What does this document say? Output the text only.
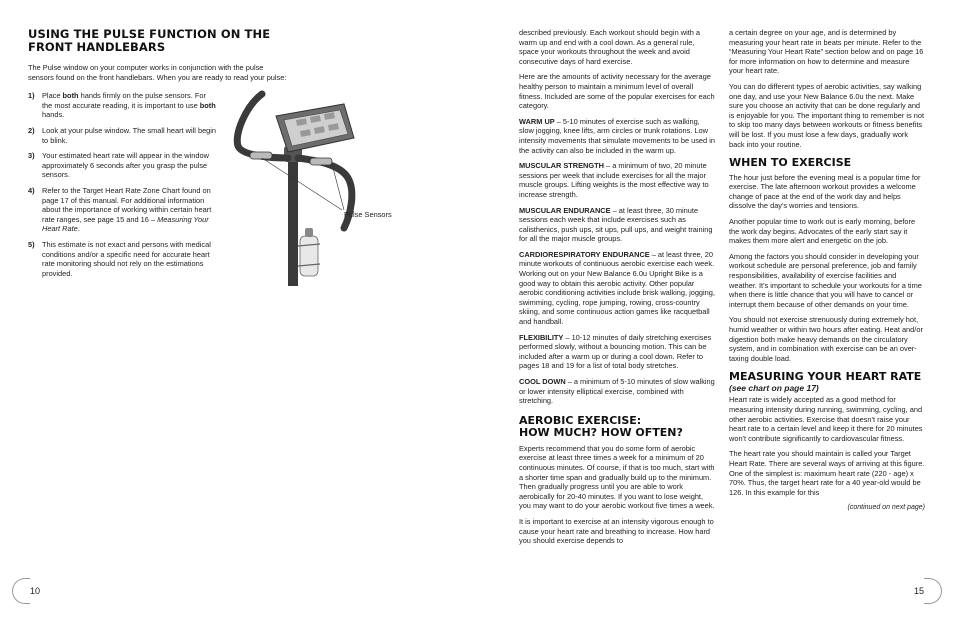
USING THE PULSE FUNCTION ON THE FRONT HANDLEBARS

The Pulse window on your computer works in conjunction with the pulse sensors found on the front handlebars. When you are ready to read your pulse:

1)	Place both hands firmly on the pulse sensors. For the most accurate reading, it is important to use both hands.
2)	Look at your pulse window. The small heart will begin to blink.
3)	Your estimated heart rate will appear in the window approximately 6 seconds after you grasp the pulse sensors.
4)	Refer to the Target Heart Rate Zone Chart found on page 17 of this manual. For additional information about the importance of working within certain heart rate ranges, see page 15 and 16 – Measuring Your Heart Rate.
5)	This estimate is not exact and persons with medical conditions and/or a specific need for accurate heart rate monitoring should not rely on the estimations provided.
Pulse Sensors
10

described previously. Each workout should begin with a warm up and end with a cool down. As a general rule, space your workouts throughout the week and avoid consecutive days of hard exercise.

Here are the amounts of activity necessary for the average healthy person to maintain a minimum level of overall fitness. Included are some of the popular exercises for each category.

WARM UP – 5-10 minutes of exercise such as walking, slow jogging, knee lifts, arm circles or trunk rotations. Low intensity movements that simulate movements to be used in the activity can also be included in the warm up.

MUSCULAR STRENGTH – a minimum of two, 20 minute sessions per week that include exercises for all the major muscle groups. Lifting weights is the most effective way to increase strength.

MUSCULAR ENDURANCE – at least three, 30 minute sessions each week that include exercises such as calisthenics, push ups, sit ups, pull ups, and weight training for all the major muscle groups.

CARDIORESPIRATORY ENDURANCE – at least three, 20 minute workouts of continuous aerobic exercise each week. Working out on your New Balance 6.0u Upright Bike is a good way to obtain this aerobic activity. Other popular aerobic conditioning activities include brisk walking, jogging, swimming, cycling, rope jumping, rowing, cross-country skiing, and some continuous action games like racquetball and handball.

FLEXIBILITY – 10-12 minutes of daily stretching exercises performed slowly, without a bouncing motion. This can be included after a warm up or during a cool down. Refer to pages 18 and 19 for a list of total body stretches.

COOL DOWN – a minimum of 5-10 minutes of slow walking or lower intensity elliptical exercise, combined with stretching.

AEROBIC EXERCISE:
HOW MUCH? HOW OFTEN?

Experts recommend that you do some form of aerobic exercise at least three times a week for a minimum of 20 continuous minutes. Of course, if that is too much, start with a shorter time span and gradually build up to the minimum. Then gradually progress until you are able to work aerobically for 20-40 minutes. If you want to lose weight, you may want to do your aerobic workout five times a week.

It is important to exercise at an intensity vigorous enough to cause your heart rate and breathing to increase. How hard you should exercise depends to

a certain degree on your age, and is determined by measuring your heart rate in beats per minute. Refer to the “Measuring Your Heart Rate” section below and on page 16 for more information on how to determine and measure your heart rate.

You can do different types of aerobic activities, say walking one day, and use your New Balance 6.0u the next. Make sure you choose an activity that can be done regularly and is enjoyable for you. The important thing to remember is not to skip too many days between workouts or fitness benefits will be lost. If you must lose a few days, gradually work back into your routine.

WHEN TO EXERCISE

The hour just before the evening meal is a popular time for exercise. The late afternoon workout provides a welcome change of pace at the end of the work day and helps dissolve the day's worries and tensions.

Another popular time to work out is early morning, before the work day begins. Advocates of the early start say it makes them more alert and energetic on the job.

Among the factors you should consider in developing your workout schedule are personal preference, job and family responsibilities, availability of exercise facilities and weather. It's important to schedule your workouts for a time when there is little chance that you will have to cancel or interrupt them because of other demands on your time.

You should not exercise strenuously during extremely hot, humid weather or within two hours after eating. Heat and/or digestion both make heavy demands on the circulatory system, and in combination with exercise can be an over-taxing double load.

MEASURING YOUR HEART RATE
(see chart on page 17)

Heart rate is widely accepted as a good method for measuring intensity during running, swimming, cycling, and other aerobic activities. Exercise that doesn't raise your heart rate to a certain level and keep it there for 20 minutes won't contribute significantly to cardiovascular fitness.

The heart rate you should maintain is called your Target Heart Rate. There are several ways of arriving at this figure. One of the simplest is: maximum heart rate (220 - age) x 70%. Thus, the target heart rate for a 40 year-old would be 126. In this example for this

(continued on next page)
15
